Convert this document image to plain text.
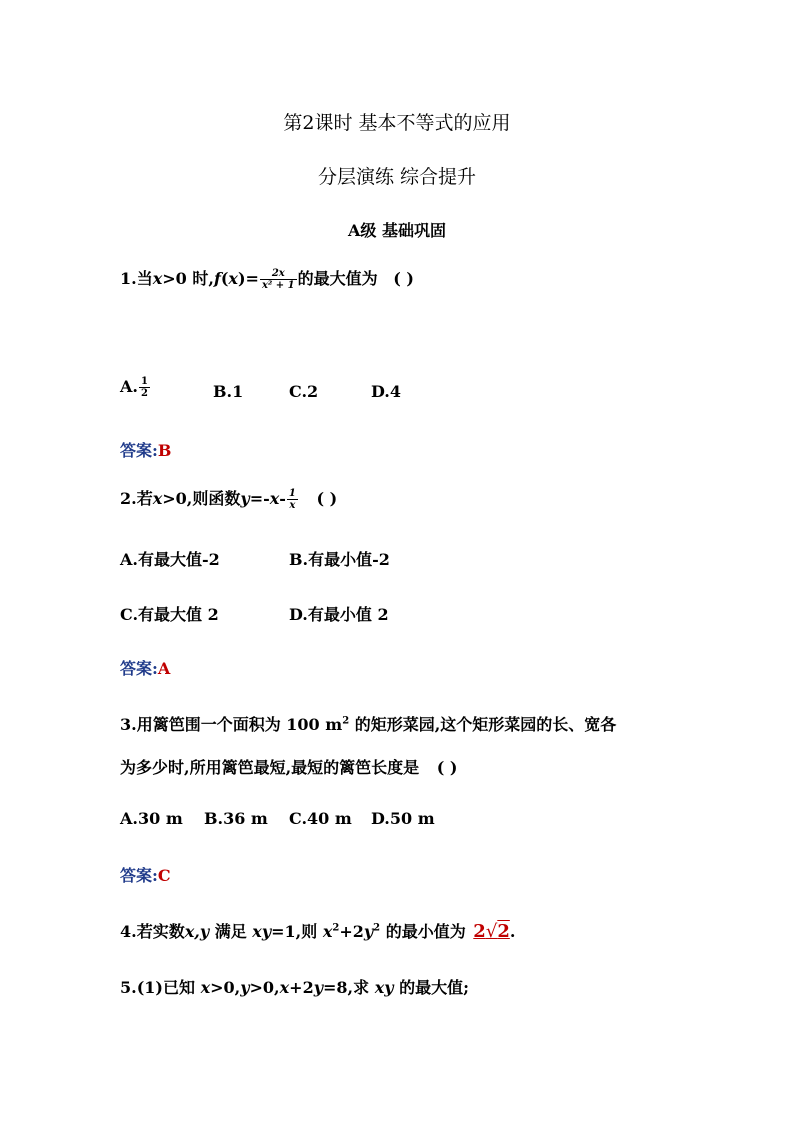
第2课时 基本不等式的应用
分层演练 综合提升
A级 基础巩固
1.当x>0 时$,f(x)= \frac{2x}{\text{x² + 1}}$ 的最大值为 ( )
A. $\frac{1}{2}$	B.1	C.2	D.4
答案:B
2.若x>0,则函数$y=-x- \frac{1}{x}$ ( )
A.有最大值-2	B.有最小值-2
C.有最大值 2	D.有最小值 2
答案:A
3.用篱笆围一个面积为 100 $m^2$ 的矩形菜园,这个矩形菜园的长、宽各
为多少时,所用篱笆最短,最短的篱笆长度是 ( )
A.30 m B.36 m C.40 m D.50 m
答案:C
4.若实数x,y 满足 xy=1,则 $x^2+2y^2$ 的最小值为 2√2.
5.(1)已知 x>0,y>0,x+2y=8,求 xy 的最大值;
